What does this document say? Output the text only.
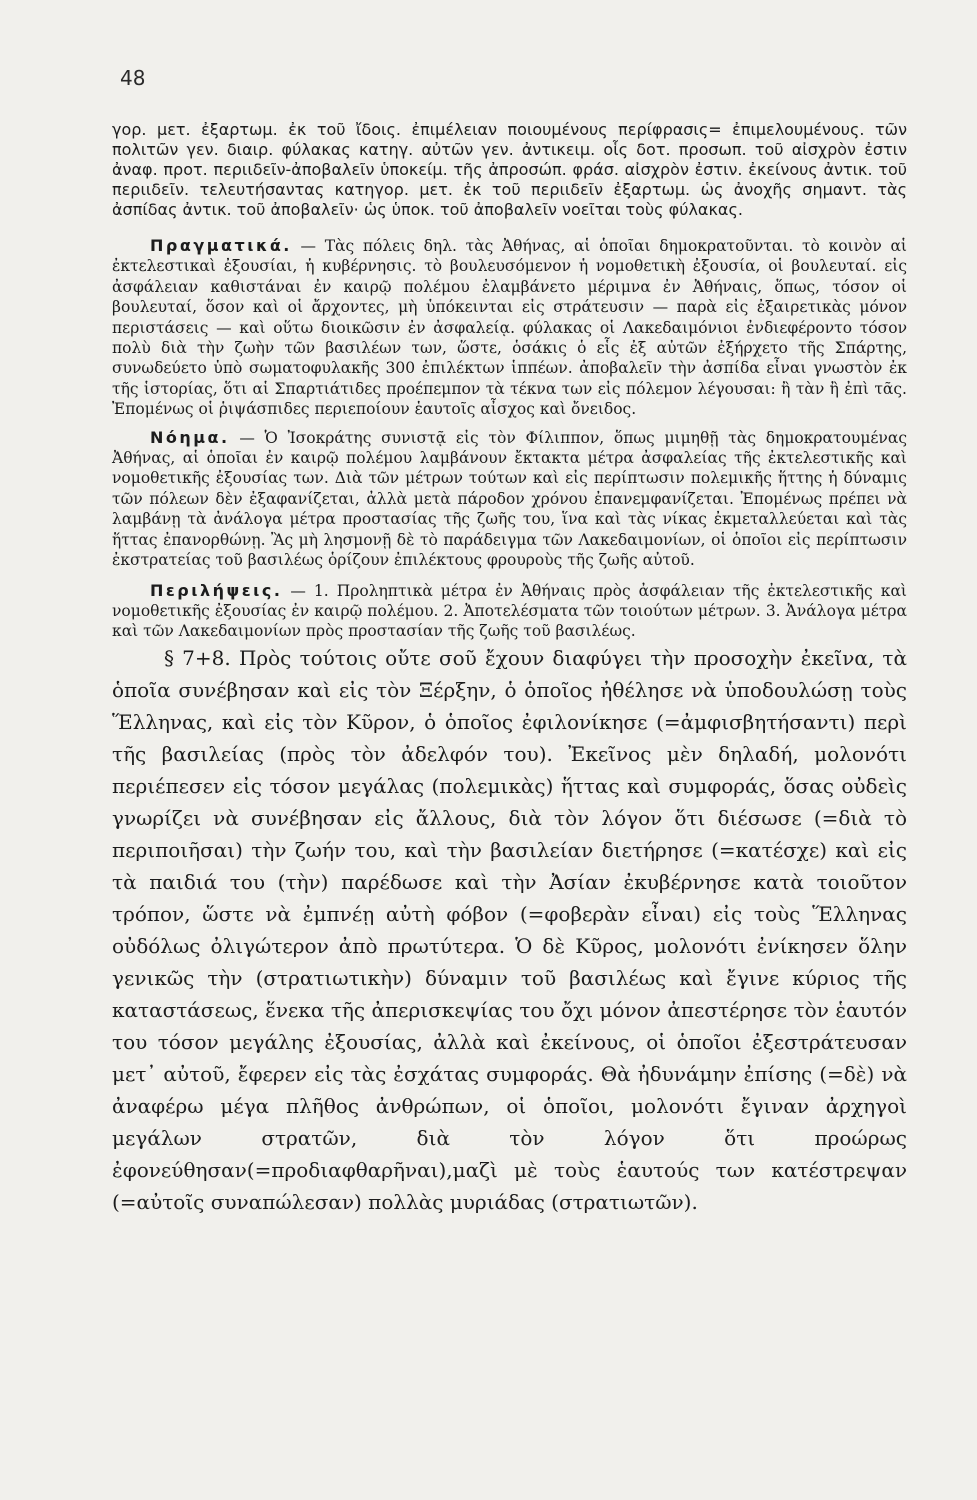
48

γορ. μετ. ἐξαρτωμ. ἐκ τοῦ ἴδοις. ἐπιμέλειαν ποιουμένους περίφρασις= ἐπιμελουμένους. τῶν πολιτῶν γεν. διαιρ. φύλακας κατηγ. αὐτῶν γεν. ἀντικειμ. οἷς δοτ. προσωπ. τοῦ αἰσχρὸν ἐστιν ἀναφ. προτ. περιιδεῖν-ἀποβαλεῖν ὑποκείμ. τῆς ἀπροσώπ. φράσ. αἰσχρὸν ἐστιν. ἐκείνους ἀντικ. τοῦ περιιδεῖν. τελευτήσαντας κατηγορ. μετ. ἐκ τοῦ περιιδεῖν ἐξαρτωμ. ὡς ἀνοχῆς σημαντ. τὰς ἀσπίδας ἀντικ. τοῦ ἀποβαλεῖν· ὡς ὑποκ. τοῦ ἀποβαλεῖν νοεῖται τοὺς φύλακας.

Πραγματικά. — Τὰς πόλεις δηλ. τὰς Ἀθήνας, αἱ ὁποῖαι δημοκρατοῦνται. τὸ κοινὸν αἱ ἐκτελεστικαὶ ἐξουσίαι, ἡ κυβέρνησις. τὸ βουλευσόμενον ἡ νομοθετικὴ ἐξουσία, οἱ βουλευταί. εἰς ἀσφάλειαν καθιστάναι ἐν καιρῷ πολέμου ἐλαμβάνετο μέριμνα ἐν Ἀθήναις, ὅπως, τόσον οἱ βουλευταί, ὅσον καὶ οἱ ἄρχοντες, μὴ ὑπόκεινται εἰς στράτευσιν — παρὰ εἰς ἐξαιρετικὰς μόνον περιστάσεις — καὶ οὕτω διοικῶσιν ἐν ἀσφαλείᾳ. φύλακας οἱ Λακεδαιμόνιοι ἐνδιεφέροντο τόσον πολὺ διὰ τὴν ζωὴν τῶν βασιλέων των, ὥστε, ὁσάκις ὁ εἷς ἐξ αὐτῶν ἐξήρχετο τῆς Σπάρτης, συνωδεύετο ὑπὸ σωματοφυλακῆς 300 ἐπιλέκτων ἱππέων. ἀποβαλεῖν τὴν ἀσπίδα εἶναι γνωστὸν ἐκ τῆς ἱστορίας, ὅτι αἱ Σπαρτιάτιδες προέπεμπον τὰ τέκνα των εἰς πόλεμον λέγουσαι: ἢ τὰν ἢ ἐπὶ τᾶς. Ἐπομένως οἱ ῥιψάσπιδες περιεποίουν ἑαυτοῖς αἶσχος καὶ ὄνειδος.

Νόημα. — Ὁ Ἰσοκράτης συνιστᾷ εἰς τὸν Φίλιππον, ὅπως μιμηθῇ τὰς δημοκρατουμένας Ἀθήνας, αἱ ὁποῖαι ἐν καιρῷ πολέμου λαμβάνουν ἔκτακτα μέτρα ἀσφαλείας τῆς ἐκτελεστικῆς καὶ νομοθετικῆς ἐξουσίας των. Διὰ τῶν μέτρων τούτων καὶ εἰς περίπτωσιν πολεμικῆς ἥττης ἡ δύναμις τῶν πόλεων δὲν ἐξαφανίζεται, ἀλλὰ μετὰ πάροδον χρόνου ἐπανεμφανίζεται. Ἐπομένως πρέπει νὰ λαμβάνῃ τὰ ἀνάλογα μέτρα προστασίας τῆς ζωῆς του, ἵνα καὶ τὰς νίκας ἐκμεταλλεύεται καὶ τὰς ἥττας ἐπανορθώνῃ. Ἂς μὴ λησμονῇ δὲ τὸ παράδειγμα τῶν Λακεδαιμονίων, οἱ ὁποῖοι εἰς περίπτωσιν ἐκστρατείας τοῦ βασιλέως ὁρίζουν ἐπιλέκτους φρουροὺς τῆς ζωῆς αὐτοῦ.

Περιλήψεις. — 1. Προληπτικὰ μέτρα ἐν Ἀθήναις πρὸς ἀσφάλειαν τῆς ἐκτελεστικῆς καὶ νομοθετικῆς ἐξουσίας ἐν καιρῷ πολέμου. 2. Ἀποτελέσματα τῶν τοιούτων μέτρων. 3. Ἀνάλογα μέτρα καὶ τῶν Λακεδαιμονίων πρὸς προστασίαν τῆς ζωῆς τοῦ βασιλέως.

§ 7+8. Πρὸς τούτοις οὔτε σοῦ ἔχουν διαφύγει τὴν προσοχὴν ἐκεῖνα, τὰ ὁποῖα συνέβησαν καὶ εἰς τὸν Ξέρξην, ὁ ὁποῖος ἠθέλησε νὰ ὑποδουλώσῃ τοὺς Ἕλληνας, καὶ εἰς τὸν Κῦρον, ὁ ὁποῖος ἐφιλονίκησε (=ἀμφισβητήσαντι) περὶ τῆς βασιλείας (πρὸς τὸν ἀδελφόν του). Ἐκεῖνος μὲν δηλαδή, μολονότι περιέπεσεν εἰς τόσον μεγάλας (πολεμικὰς) ἥττας καὶ συμφοράς, ὅσας οὐδεὶς γνωρίζει νὰ συνέβησαν εἰς ἄλλους, διὰ τὸν λόγον ὅτι διέσωσε (=διὰ τὸ περιποιῆσαι) τὴν ζωήν του, καὶ τὴν βασιλείαν διετήρησε (=κατέσχε) καὶ εἰς τὰ παιδιά του (τὴν) παρέδωσε καὶ τὴν Ἀσίαν ἐκυβέρνησε κατὰ τοιοῦτον τρόπον, ὥστε νὰ ἐμπνέῃ αὐτὴ φόβον (=φοβερὰν εἶναι) εἰς τοὺς Ἕλληνας οὐδόλως ὀλιγώτερον ἀπὸ πρωτύτερα. Ὁ δὲ Κῦρος, μολονότι ἐνίκησεν ὅλην γενικῶς τὴν (στρατιωτικὴν) δύναμιν τοῦ βασιλέως καὶ ἔγινε κύριος τῆς καταστάσεως, ἕνεκα τῆς ἀπερισκεψίας του ὄχι μόνον ἀπεστέρησε τὸν ἑαυτόν του τόσον μεγάλης ἐξουσίας, ἀλλὰ καὶ ἐκείνους, οἱ ὁποῖοι ἐξεστράτευσαν μετ᾿ αὐτοῦ, ἔφερεν εἰς τὰς ἐσχάτας συμφοράς. Θὰ ἠδυνάμην ἐπίσης (=δὲ) νὰ ἀναφέρω μέγα πλῆθος ἀνθρώπων, οἱ ὁποῖοι, μολονότι ἔγιναν ἀρχηγοὶ μεγάλων στρατῶν, διὰ τὸν λόγον ὅτι προώρως ἐφονεύθησαν(=προδιαφθαρῆναι),μαζὶ μὲ τοὺς ἑαυτούς των κατέστρεψαν (=αὐτοῖς συναπώλεσαν) πολλὰς μυριάδας (στρατιωτῶν).
